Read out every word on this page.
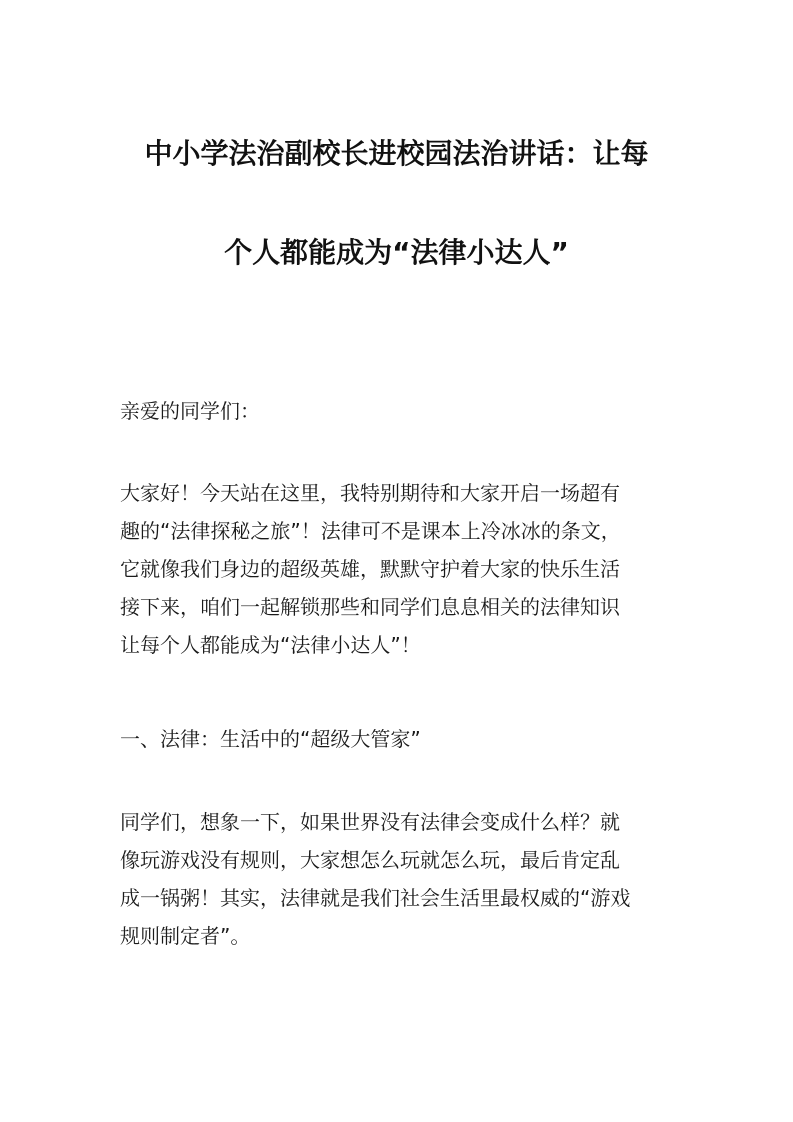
中小学法治副校长进校园法治讲话：让每
个人都能成为“法律小达人”
亲爱的同学们：
大家好！今天站在这里，我特别期待和大家开启一场超有
趣的“法律探秘之旅”！法律可不是课本上冷冰冰的条文，
它就像我们身边的超级英雄，默默守护着大家的快乐生活
接下来，咱们一起解锁那些和同学们息息相关的法律知识
让每个人都能成为“法律小达人”！
一、法律：生活中的“超级大管家”
同学们，想象一下，如果世界没有法律会变成什么样？就
像玩游戏没有规则，大家想怎么玩就怎么玩，最后肯定乱
成一锅粥！其实，法律就是我们社会生活里最权威的“游戏
规则制定者”。
